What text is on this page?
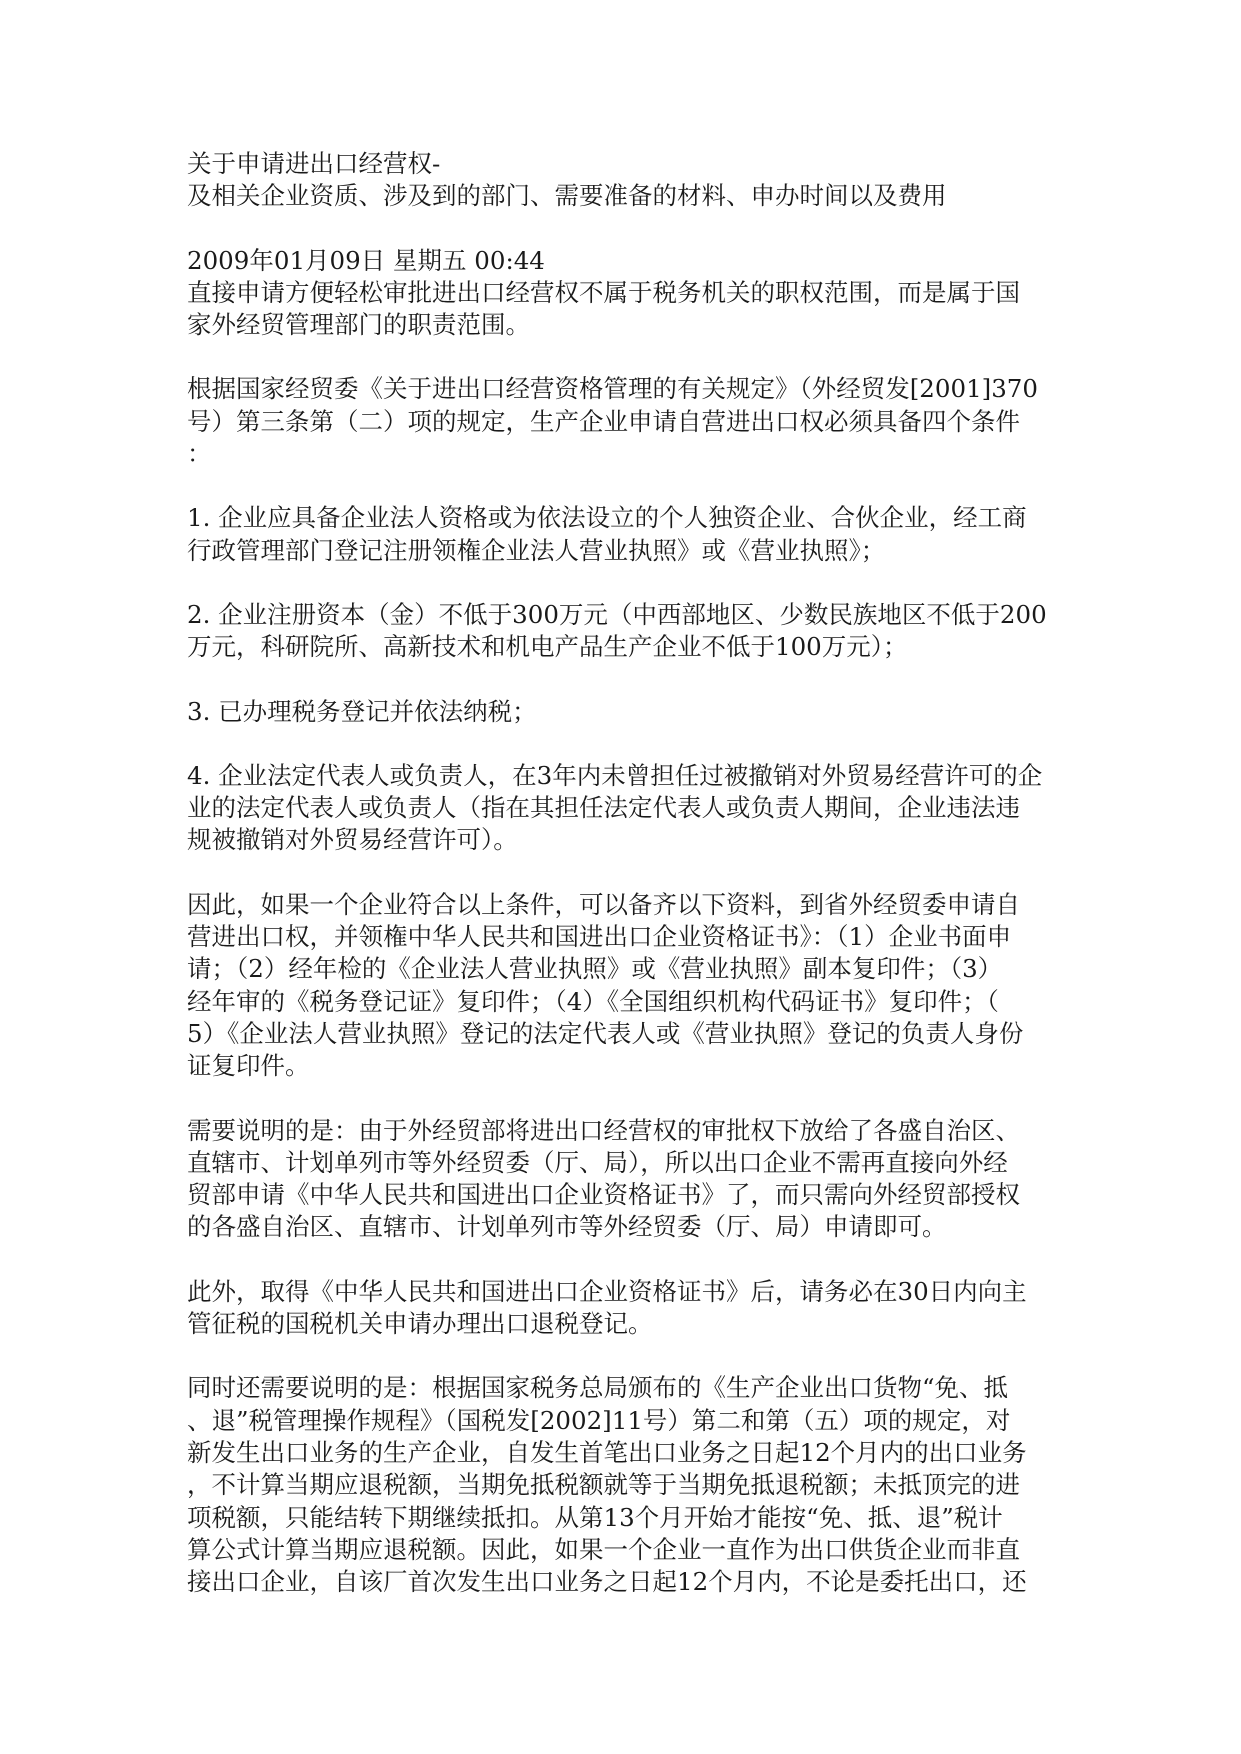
关于申请进出口经营权-
及相关企业资质、涉及到的部门、需要准备的材料、申办时间以及费用
2009年01月09日 星期五 00:44
直接申请方便轻松审批进出口经营权不属于税务机关的职权范围，而是属于国
家外经贸管理部门的职责范围。
根据国家经贸委《关于进出口经营资格管理的有关规定》（外经贸发[2001]370
号）第三条第（二）项的规定，生产企业申请自营进出口权必须具备四个条件
：
1. 企业应具备企业法人资格或为依法设立的个人独资企业、合伙企业，经工商
行政管理部门登记注册领権企业法人营业执照》或《营业执照》；
2. 企业注册资本（金）不低于300万元（中西部地区、少数民族地区不低于200
万元，科研院所、高新技术和机电产品生产企业不低于100万元）；
3. 已办理税务登记并依法纳税；
4. 企业法定代表人或负责人，在3年内未曾担任过被撤销对外贸易经营许可的企
业的法定代表人或负责人（指在其担任法定代表人或负责人期间，企业违法违
规被撤销对外贸易经营许可）。
因此，如果一个企业符合以上条件，可以备齐以下资料，到省外经贸委申请自
营进出口权，并领権中华人民共和国进出口企业资格证书》：（1）企业书面申
请；（2）经年检的《企业法人营业执照》或《营业执照》副本复印件；（3）
经年审的《税务登记证》复印件；（4）《全国组织机构代码证书》复印件；（
5）《企业法人营业执照》登记的法定代表人或《营业执照》登记的负责人身份
证复印件。
需要说明的是：由于外经贸部将进出口经营权的审批权下放给了各盛自治区、
直辖市、计划单列市等外经贸委（厅、局），所以出口企业不需再直接向外经
贸部申请《中华人民共和国进出口企业资格证书》了，而只需向外经贸部授权
的各盛自治区、直辖市、计划单列市等外经贸委（厅、局）申请即可。
此外，取得《中华人民共和国进出口企业资格证书》后，请务必在30日内向主
管征税的国税机关申请办理出口退税登记。
同时还需要说明的是：根据国家税务总局颁布的《生产企业出口货物“免、抵
、退”税管理操作规程》（国税发[2002]11号）第二和第（五）项的规定，对
新发生出口业务的生产企业，自发生首笔出口业务之日起12个月内的出口业务
，不计算当期应退税额，当期免抵税额就等于当期免抵退税额；未抵顶完的进
项税额，只能结转下期继续抵扣。从第13个月开始才能按“免、抵、退”税计
算公式计算当期应退税额。因此，如果一个企业一直作为出口供货企业而非直
接出口企业，自该厂首次发生出口业务之日起12个月内，不论是委托出口，还
